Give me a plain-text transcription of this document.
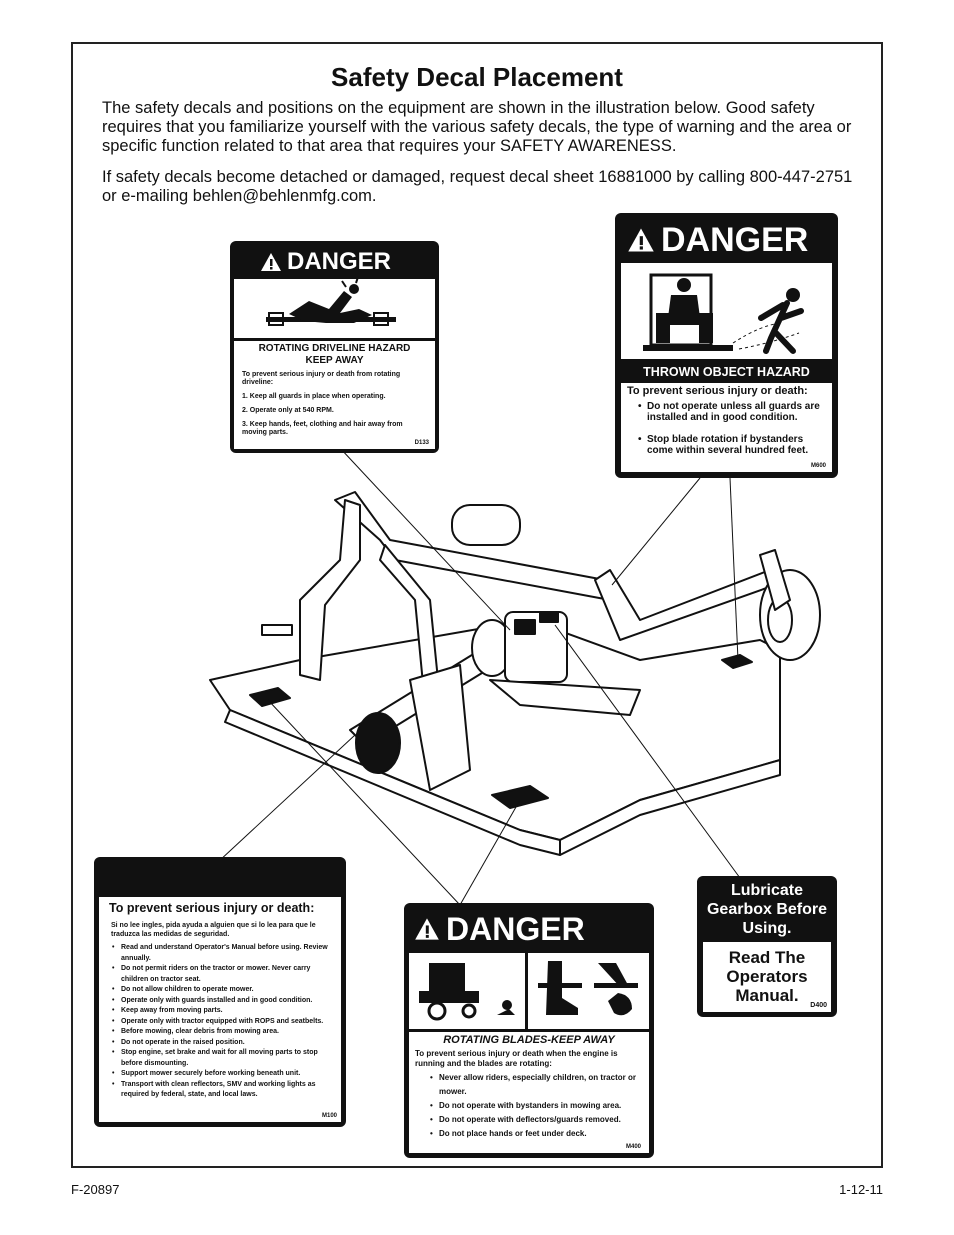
Safety Decal Placement
The safety decals and positions on the equipment are shown in the illustration below. Good safety requires that you familiarize yourself with the various safety decals, the type of warning and the area or specific function related to that area that requires your SAFETY AWARENESS.
If safety decals become detached or damaged, request decal sheet 16881000 by calling 800-447-2751 or e-mailing behlen@behlenmfg.com.
DANGER
ROTATING DRIVELINE HAZARD KEEP AWAY
To prevent serious injury or death from rotating driveline:
1. Keep all guards in place when operating.
2. Operate only at 540 RPM.
3. Keep hands, feet, clothing and hair away from moving parts.
D133
DANGER
THROWN OBJECT HAZARD
To prevent serious injury or death:
• Do not operate unless all guards are installed and in good condition.
• Stop blade rotation if bystanders come within several hundred feet.
M600
To prevent serious injury or death:
Si no lee ingles, pida ayuda a alguien que si lo lea para que le traduzca las medidas de seguridad.
• Read and understand Operator's Manual before using. Review annually.
• Do not permit riders on the tractor or mower. Never carry children on tractor seat.
• Do not allow children to operate mower.
• Operate only with guards installed and in good condition.
• Keep away from moving parts.
• Operate only with tractor equipped with ROPS and seatbelts.
• Before mowing, clear debris from mowing area.
• Do not operate in the raised position.
• Stop engine, set brake and wait for all moving parts to stop before dismounting.
• Support mower securely before working beneath unit.
• Transport with clean reflectors, SMV and working lights as required by federal, state, and local laws.
M100
DANGER
ROTATING BLADES-KEEP AWAY
To prevent serious injury or death when the engine is running and the blades are rotating:
• Never allow riders, especially children, on tractor or mower.
• Do not operate with bystanders in mowing area.
• Do not operate with deflectors/guards removed.
• Do not place hands or feet under deck.
M400
Lubricate Gearbox Before Using.
Read The Operators Manual.
D400
F-20897	1-12-11
